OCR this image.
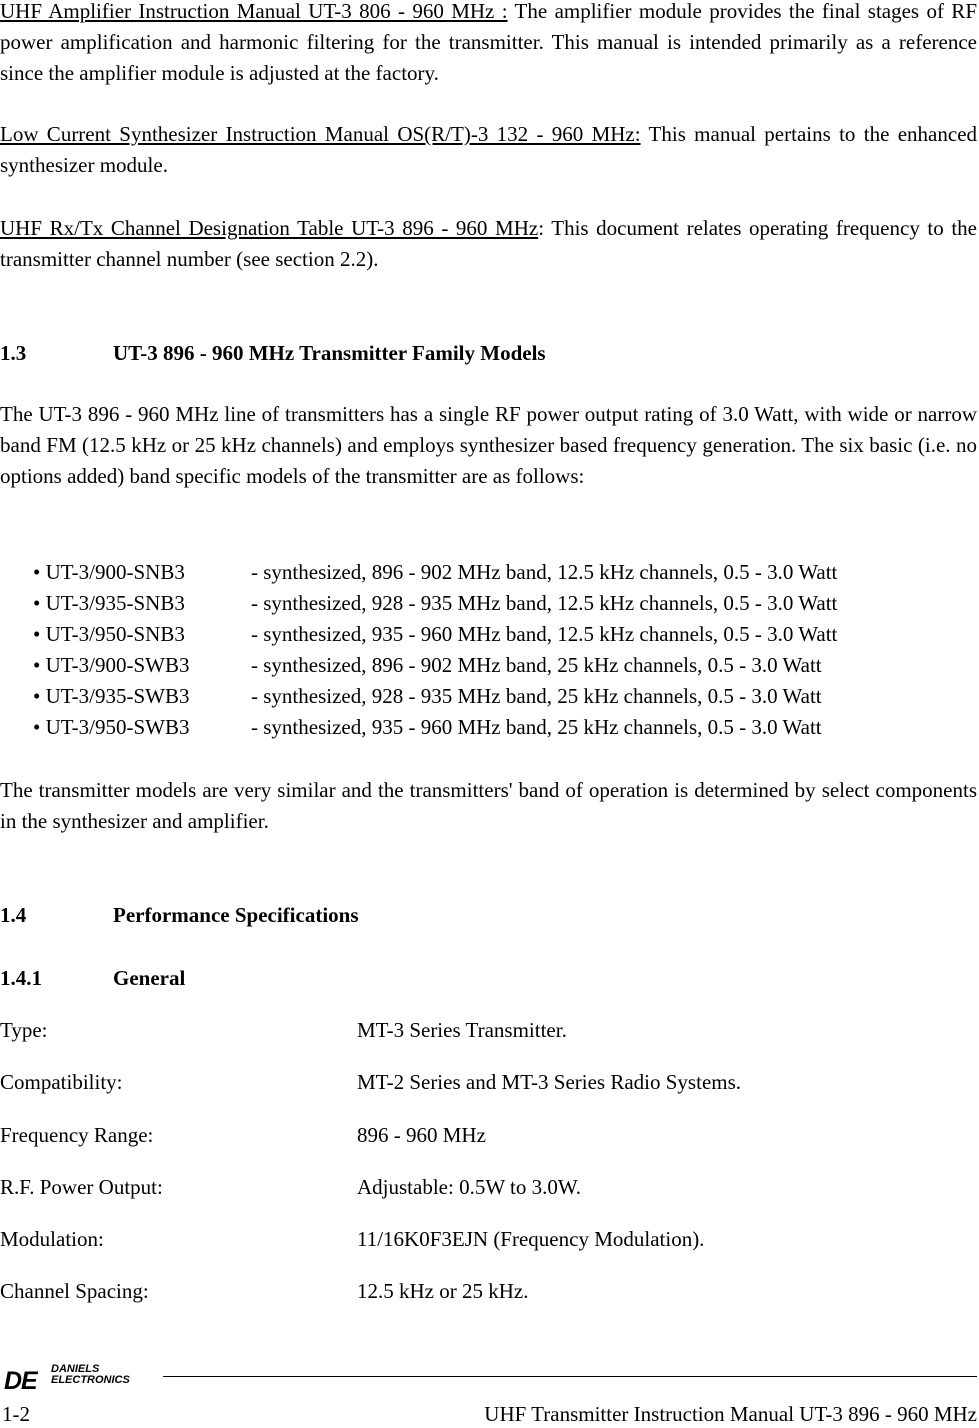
UHF Amplifier Instruction Manual UT-3 806 - 960 MHz : The amplifier module provides the final stages of RF power amplification and harmonic filtering for the transmitter. This manual is intended primarily as a reference since the amplifier module is adjusted at the factory.

Low Current Synthesizer Instruction Manual OS(R/T)-3 132 - 960 MHz: This manual pertains to the enhanced synthesizer module.

UHF Rx/Tx Channel Designation Table UT-3 896 - 960 MHz: This document relates operating frequency to the transmitter channel number (see section 2.2).

1.3	UT-3 896 - 960 MHz Transmitter Family Models

The UT-3 896 - 960 MHz line of transmitters has a single RF power output rating of 3.0 Watt, with wide or narrow band FM (12.5 kHz or 25 kHz channels) and employs synthesizer based frequency generation. The six basic (i.e. no options added) band specific models of the transmitter are as follows:

• UT-3/900-SNB3	- synthesized, 896 - 902 MHz band, 12.5 kHz channels, 0.5 - 3.0 Watt
• UT-3/935-SNB3	- synthesized, 928 - 935 MHz band, 12.5 kHz channels, 0.5 - 3.0 Watt
• UT-3/950-SNB3	- synthesized, 935 - 960 MHz band, 12.5 kHz channels, 0.5 - 3.0 Watt
• UT-3/900-SWB3	- synthesized, 896 - 902 MHz band, 25 kHz channels, 0.5 - 3.0 Watt
• UT-3/935-SWB3	- synthesized, 928 - 935 MHz band, 25 kHz channels, 0.5 - 3.0 Watt
• UT-3/950-SWB3	- synthesized, 935 - 960 MHz band, 25 kHz channels, 0.5 - 3.0 Watt

The transmitter models are very similar and the transmitters' band of operation is determined by select components in the synthesizer and amplifier.

1.4	Performance Specifications
1.4.1	General
Type:	MT-3 Series Transmitter.
Compatibility:	MT-2 Series and MT-3 Series Radio Systems.
Frequency Range:	896 - 960 MHz
R.F. Power Output:	Adjustable: 0.5W to 3.0W.
Modulation:	11/16K0F3EJN (Frequency Modulation).
Channel Spacing:	12.5 kHz or 25 kHz.
DE DANIELS
ELECTRONICS
1-2	UHF Transmitter Instruction Manual UT-3 896 - 960 MHz
